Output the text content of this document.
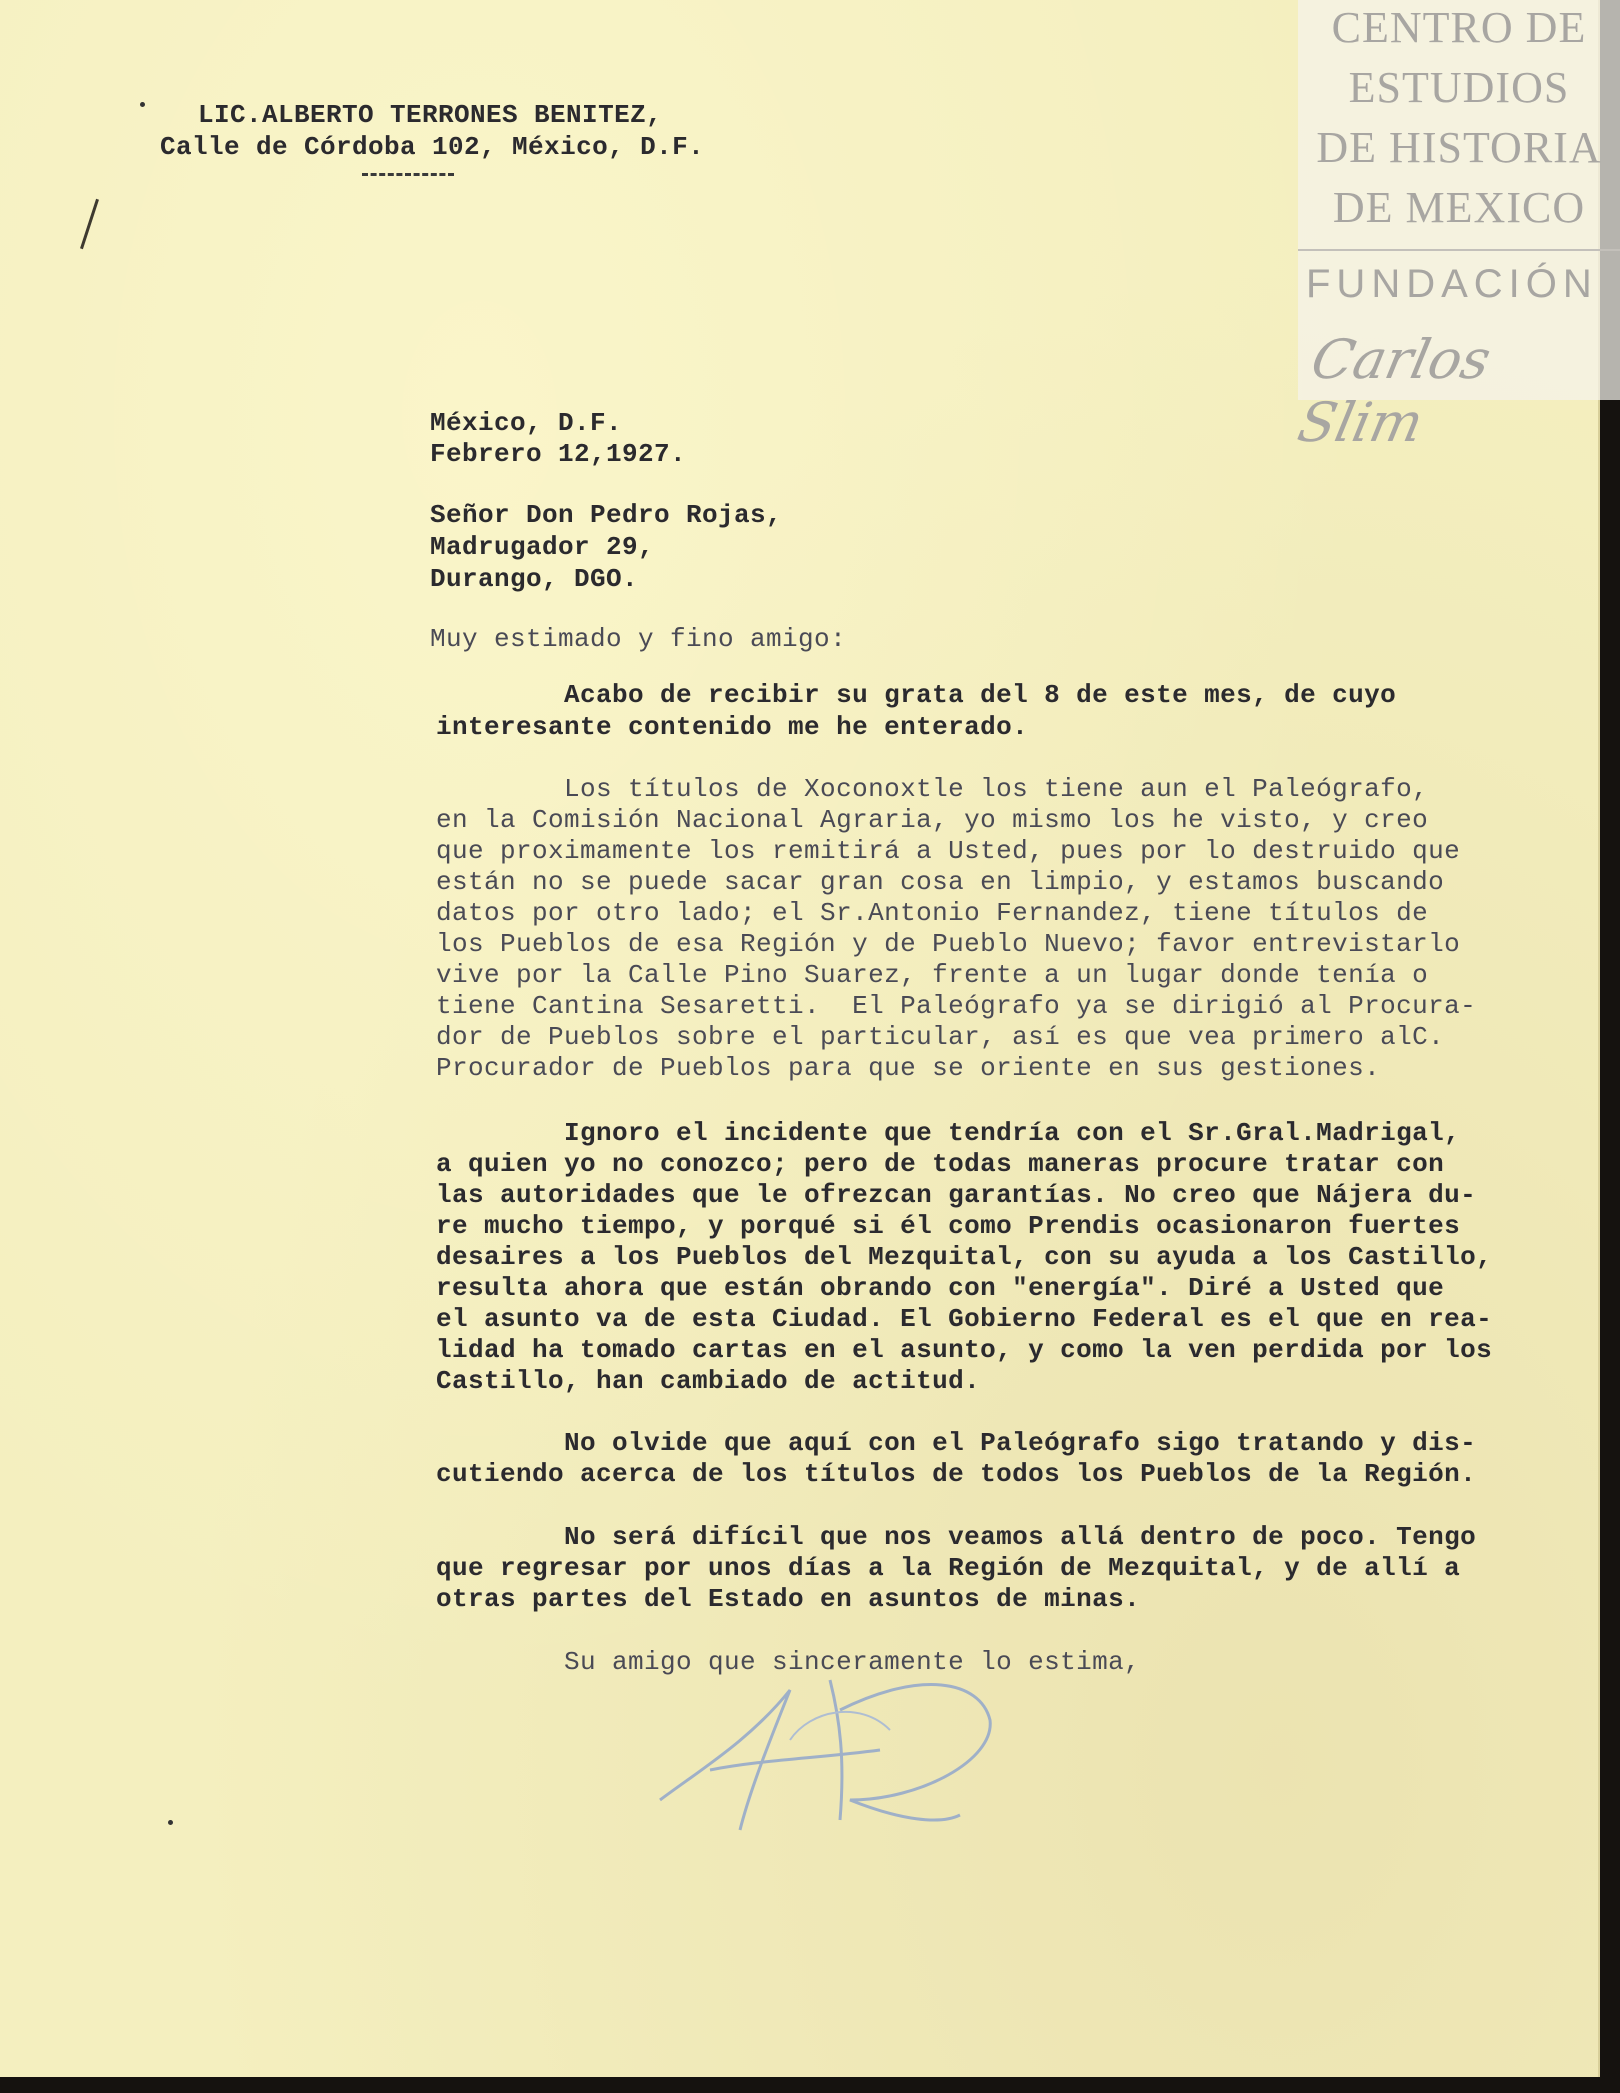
LIC.ALBERTO TERRONES BENITEZ,
Calle de Córdoba 102, México, D.F.
México, D.F.
Febrero 12,1927.
Señor Don Pedro Rojas,
Madrugador 29,
Durango, DGO.
Muy estimado y fino amigo:
Acabo de recibir su grata del 8 de este mes, de cuyo
interesante contenido me he enterado.
Los títulos de Xoconoxtle los tiene aun el Paleógrafo,
en la Comisión Nacional Agraria, yo mismo los he visto, y creo
que proximamente los remitirá a Usted, pues por lo destruido que
están no se puede sacar gran cosa en limpio, y estamos buscando
datos por otro lado; el Sr.Antonio Fernandez, tiene títulos de
los Pueblos de esa Región y de Pueblo Nuevo; favor entrevistarlo
vive por la Calle Pino Suarez, frente a un lugar donde tenía o
tiene Cantina Sesaretti.  El Paleógrafo ya se dirigió al Procura-
dor de Pueblos sobre el particular, así es que vea primero alC.
Procurador de Pueblos para que se oriente en sus gestiones.
Ignoro el incidente que tendría con el Sr.Gral.Madrigal,
a quien yo no conozco; pero de todas maneras procure tratar con
las autoridades que le ofrezcan garantías. No creo que Nájera du-
re mucho tiempo, y porqué si él como Prendis ocasionaron fuertes
desaires a los Pueblos del Mezquital, con su ayuda a los Castillo,
resulta ahora que están obrando con "energía". Diré a Usted que
el asunto va de esta Ciudad. El Gobierno Federal es el que en rea-
lidad ha tomado cartas en el asunto, y como la ven perdida por los
Castillo, han cambiado de actitud.
No olvide que aquí con el Paleógrafo sigo tratando y dis-
cutiendo acerca de los títulos de todos los Pueblos de la Región.
No será difícil que nos veamos allá dentro de poco. Tengo
que regresar por unos días a la Región de Mezquital, y de allí a
otras partes del Estado en asuntos de minas.
Su amigo que sinceramente lo estima,
CENTRO DE
ESTUDIOS
DE HISTORIA
DE MEXICO
FUNDACIÓN
Carlos Slim
